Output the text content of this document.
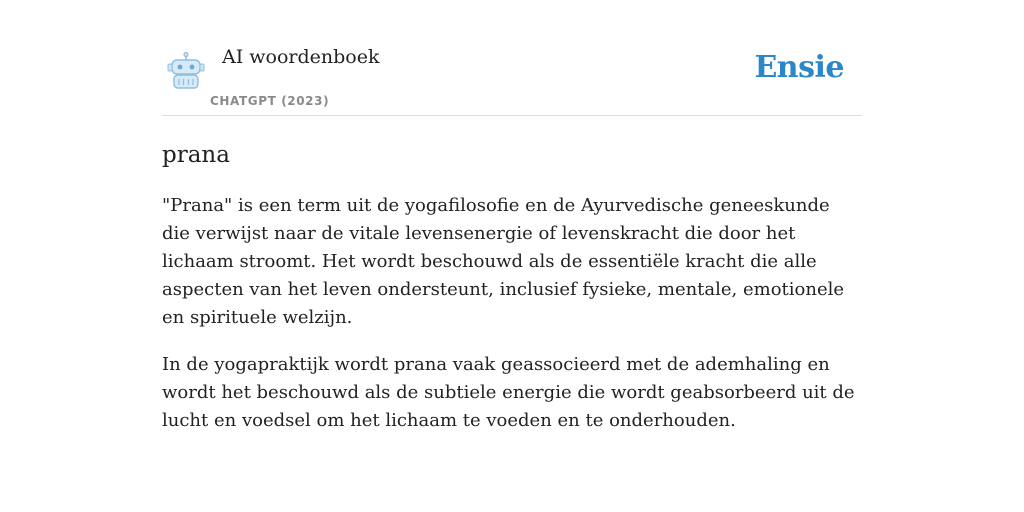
AI woordenboek
CHATGPT (2023)
Ensie
prana

"Prana" is een term uit de yogafilosofie en de Ayurvedische geneeskunde die verwijst naar de vitale levensenergie of levenskracht die door het lichaam stroomt. Het wordt beschouwd als de essentiële kracht die alle aspecten van het leven ondersteunt, inclusief fysieke, mentale, emotionele en spirituele welzijn.

In de yogapraktijk wordt prana vaak geassocieerd met de ademhaling en wordt het beschouwd als de subtiele energie die wordt geabsorbeerd uit de lucht en voedsel om het lichaam te voeden en te onderhouden.
